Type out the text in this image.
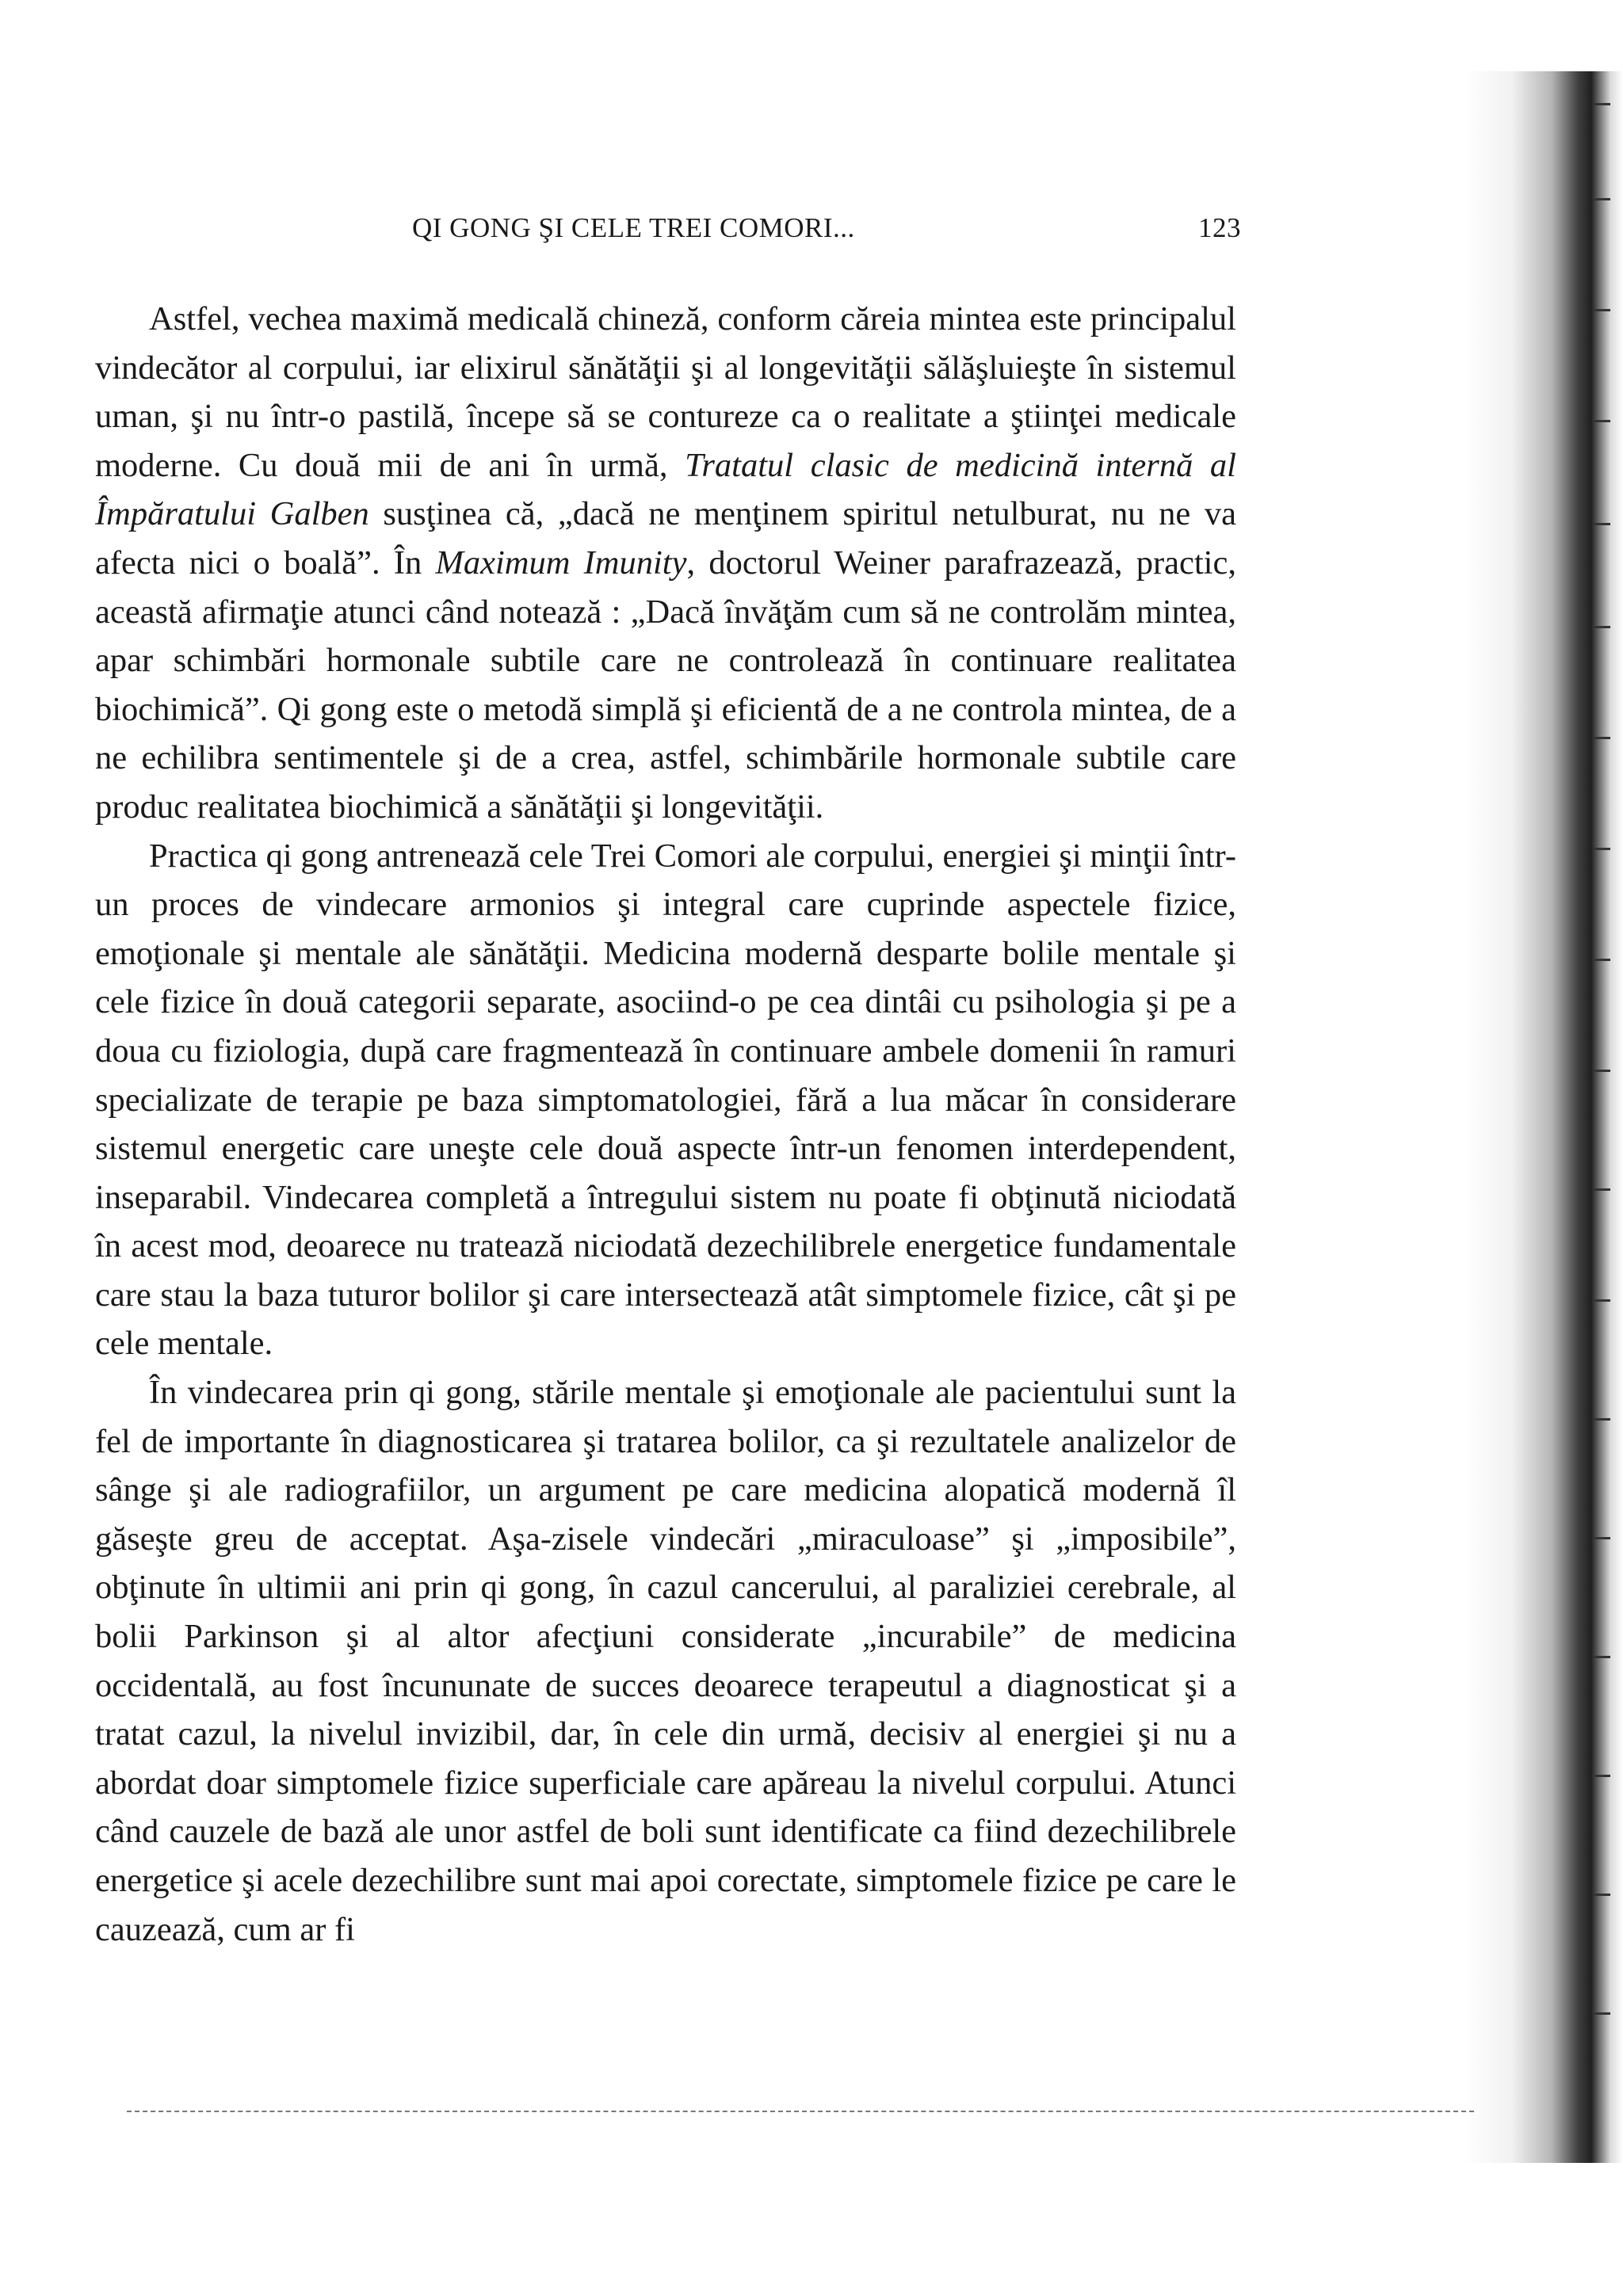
QI GONG ŞI CELE TREI COMORI...	123

Astfel, vechea maximă medicală chineză, conform căreia mintea este principalul vindecător al corpului, iar elixirul sănătăţii şi al longevităţii sălăşluieşte în sistemul uman, şi nu într-o pastilă, începe să se contureze ca o realitate a ştiinţei medicale moderne. Cu două mii de ani în urmă, Tratatul clasic de medicină internă al Împăratului Galben susţinea că, „dacă ne menţinem spiritul netulburat, nu ne va afecta nici o boală”. În Maximum Imunity, doctorul Weiner parafrazează, practic, această afirmaţie atunci când notează : „Dacă învăţăm cum să ne controlăm mintea, apar schimbări hormonale subtile care ne controlează în continuare realitatea biochimică”. Qi gong este o metodă simplă şi eficientă de a ne controla mintea, de a ne echilibra sentimentele şi de a crea, astfel, schimbările hormonale subtile care produc realitatea biochimică a sănătăţii şi longevităţii.

Practica qi gong antrenează cele Trei Comori ale corpului, energiei şi minţii într-un proces de vindecare armonios şi integral care cuprinde aspectele fizice, emoţionale şi mentale ale sănătăţii. Medicina modernă desparte bolile mentale şi cele fizice în două categorii separate, asociind-o pe cea dintâi cu psihologia şi pe a doua cu fiziologia, după care fragmentează în continuare ambele domenii în ramuri specializate de terapie pe baza simptomatologiei, fără a lua măcar în considerare sistemul energetic care uneşte cele două aspecte într-un fenomen interdependent, inseparabil. Vindecarea completă a întregului sistem nu poate fi obţinută niciodată în acest mod, deoarece nu tratează niciodată dezechilibrele energetice fundamentale care stau la baza tuturor bolilor şi care intersectează atât simptomele fizice, cât şi pe cele mentale.

În vindecarea prin qi gong, stările mentale şi emoţionale ale pacientului sunt la fel de importante în diagnosticarea şi tratarea bolilor, ca şi rezultatele analizelor de sânge şi ale radiografiilor, un argument pe care medicina alopatică modernă îl găseşte greu de acceptat. Aşa-zisele vindecări „miraculoase” şi „imposibile”, obţinute în ultimii ani prin qi gong, în cazul cancerului, al paraliziei cerebrale, al bolii Parkinson şi al altor afecţiuni considerate „incurabile” de medicina occidentală, au fost încununate de succes deoarece terapeutul a diagnosticat şi a tratat cazul, la nivelul invizibil, dar, în cele din urmă, decisiv al energiei şi nu a abordat doar simptomele fizice superficiale care apăreau la nivelul corpului. Atunci când cauzele de bază ale unor astfel de boli sunt identificate ca fiind dezechilibrele energetice şi acele dezechilibre sunt mai apoi corectate, simptomele fizice pe care le cauzează, cum ar fi
